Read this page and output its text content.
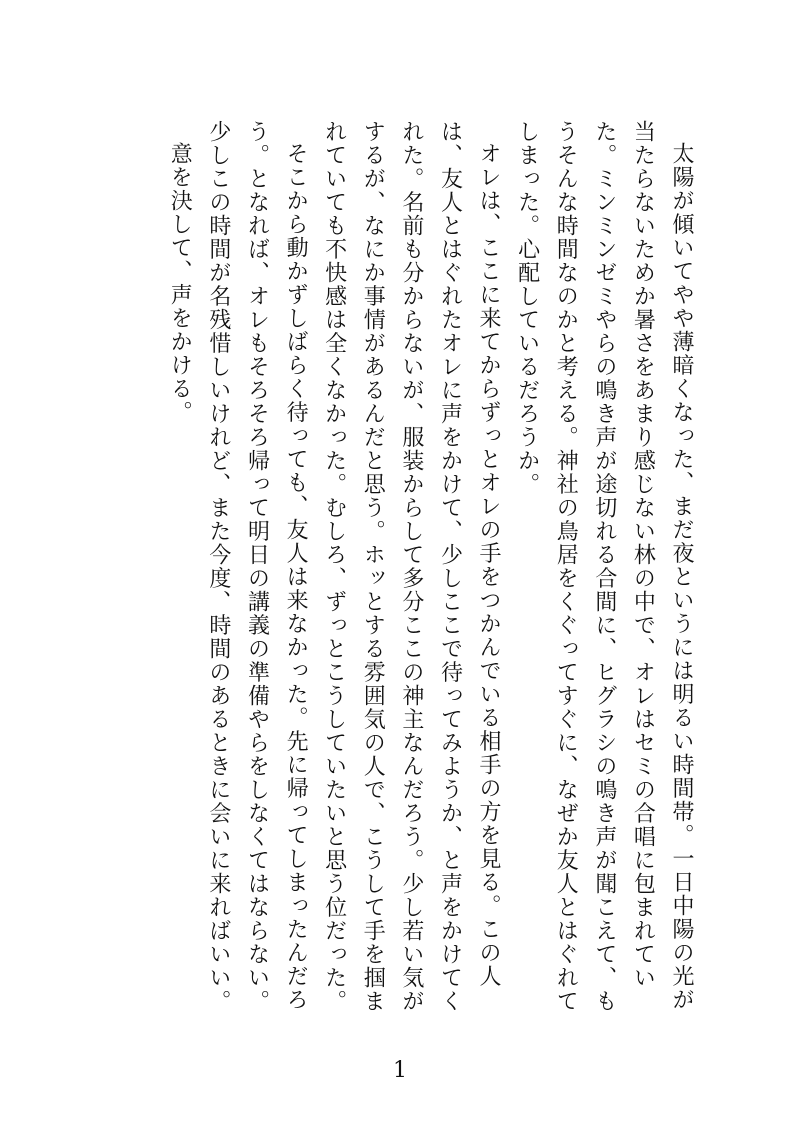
太陽が傾いてやや薄暗くなった、まだ夜というには明るい時間帯。一日中陽の光が当たらないためか暑さをあまり感じない林の中で、オレはセミの合唱に包まれていた。ミンミンゼミやらの鳴き声が途切れる合間に、ヒグラシの鳴き声が聞こえて、もうそんな時間なのかと考える。神社の鳥居をくぐってすぐに、なぜか友人とはぐれてしまった。心配しているだろうか。

オレは、ここに来てからずっとオレの手をつかんでいる相手の方を見る。この人は、友人とはぐれたオレに声をかけて、少しここで待ってみようか、と声をかけてくれた。名前も分からないが、服装からして多分ここの神主なんだろう。少し若い気がするが、なにか事情があるんだと思う。ホッとする雰囲気の人で、こうして手を掴まれていても不快感は全くなかった。むしろ、ずっとこうしていたいと思う位だった。

そこから動かずしばらく待っても、友人は来なかった。先に帰ってしまったんだろう。となれば、オレもそろそろ帰って明日の講義の準備やらをしなくてはならない。少しこの時間が名残惜しいけれど、また今度、時間のあるときに会いに来ればいい。

意を決して、声をかける。

1
